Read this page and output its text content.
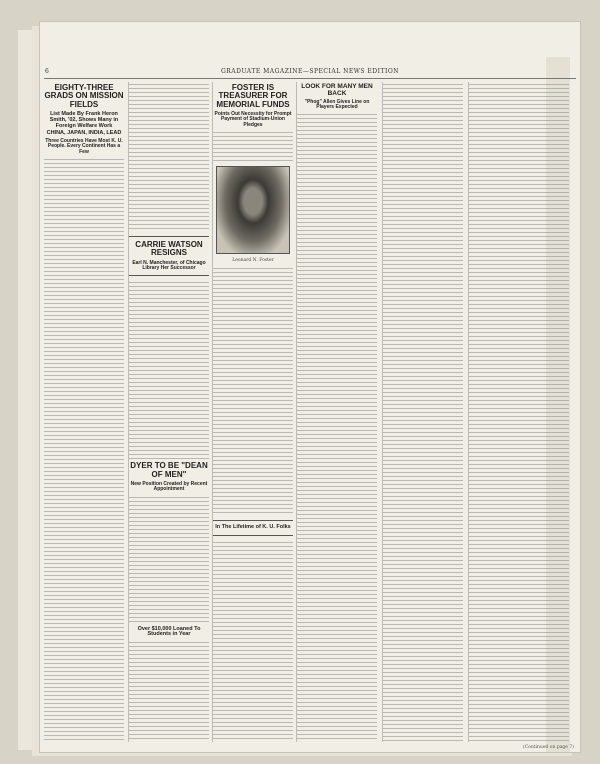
6	GRADUATE MAGAZINE—SPECIAL NEWS EDITION
EIGHTY-THREE GRADS ON MISSION FIELDS
List Made By Frank Heron Smith, '02, Shows Many in Foreign Welfare Work
CHINA, JAPAN, INDIA, LEAD
Three Countries Have Most K. U. People. Every Continent Has a Few
CARRIE WATSON RESIGNS
Earl N. Manchester, of Chicago Library Her Successor
DYER TO BE "DEAN OF MEN"
New Position Created by Recent Appointment
Over $10,000 Loaned To Students in Year
FOSTER IS TREASURER FOR MEMORIAL FUNDS
Points Out Necessity for Prompt Payment of Stadium-Union Pledges
Leonard N. Foster
In The Lifetime of K. U. Folks
LOOK FOR MANY MEN BACK
"Phog" Allen Gives Line on Players Expected
(Continued on page 7)
